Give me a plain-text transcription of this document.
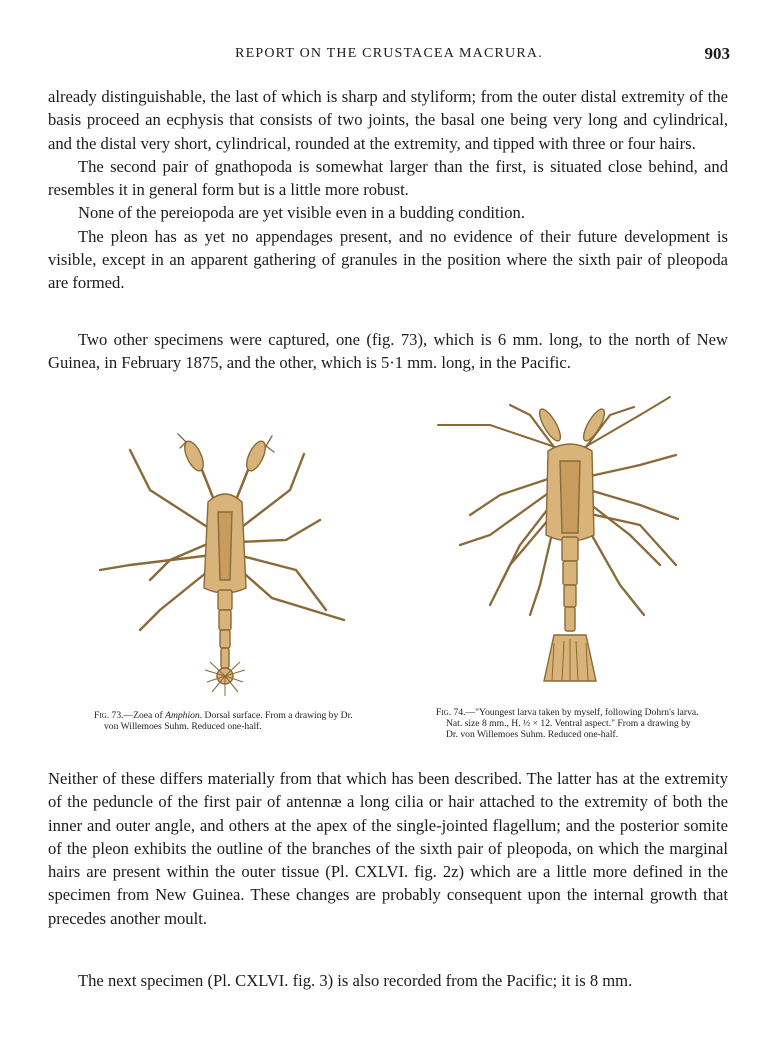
REPORT ON THE CRUSTACEA MACRURA.	903

already distinguishable, the last of which is sharp and styliform; from the outer distal extremity of the basis proceed an ecphysis that consists of two joints, the basal one being very long and cylindrical, and the distal very short, cylindrical, rounded at the extremity, and tipped with three or four hairs.

The second pair of gnathopoda is somewhat larger than the first, is situated close behind, and resembles it in general form but is a little more robust.

None of the pereiopoda are yet visible even in a budding condition.

The pleon has as yet no appendages present, and no evidence of their future development is visible, except in an apparent gathering of granules in the position where the sixth pair of pleopoda are formed.

Two other specimens were captured, one (fig. 73), which is 6 mm. long, to the north of New Guinea, in February 1875, and the other, which is 5·1 mm. long, in the Pacific.

Fig. 73.—Zoea of Amphion. Dorsal surface. From a drawing by Dr. von Willemoes Suhm. Reduced one-half.
Fig. 74.—"Youngest larva taken by myself, following Dohrn's larva. Nat. size 8 mm., H. ½ × 12. Ventral aspect." From a drawing by Dr. von Willemoes Suhm. Reduced one-half.

Neither of these differs materially from that which has been described. The latter has at the extremity of the peduncle of the first pair of antennæ a long cilia or hair attached to the extremity of both the inner and outer angle, and others at the apex of the single-jointed flagellum; and the posterior somite of the pleon exhibits the outline of the branches of the sixth pair of pleopoda, on which the marginal hairs are present within the outer tissue (Pl. CXLVI. fig. 2z) which are a little more defined in the specimen from New Guinea. These changes are probably consequent upon the internal growth that precedes another moult.

The next specimen (Pl. CXLVI. fig. 3) is also recorded from the Pacific; it is 8 mm.
